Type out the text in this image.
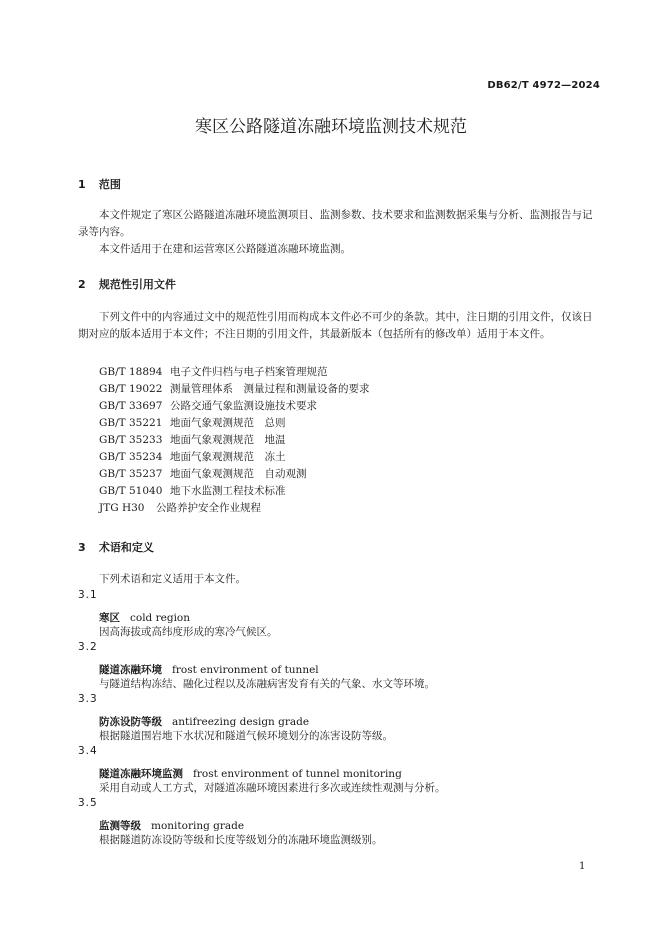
DB62/T 4972—2024
寒区公路隧道冻融环境监测技术规范
1 范围
本文件规定了寒区公路隧道冻融环境监测项目、监测参数、技术要求和监测数据采集与分析、监测报告与记录等内容。
本文件适用于在建和运营寒区公路隧道冻融环境监测。
2 规范性引用文件
下列文件中的内容通过文中的规范性引用而构成本文件必不可少的条款。其中，注日期的引用文件，仅该日期对应的版本适用于本文件；不注日期的引用文件，其最新版本（包括所有的修改单）适用于本文件。
GB/T 18894 电子文件归档与电子档案管理规范
GB/T 19022 测量管理体系　测量过程和测量设备的要求
GB/T 33697 公路交通气象监测设施技术要求
GB/T 35221 地面气象观测规范　总则
GB/T 35233 地面气象观测规范　地温
GB/T 35234 地面气象观测规范　冻土
GB/T 35237 地面气象观测规范　自动观测
GB/T 51040 地下水监测工程技术标准
JTG H30 公路养护安全作业规程
3 术语和定义
下列术语和定义适用于本文件。
3.1
寒区 cold region
因高海拔或高纬度形成的寒冷气候区。
3.2
隧道冻融环境 frost environment of tunnel
与隧道结构冻结、融化过程以及冻融病害发育有关的气象、水文等环境。
3.3
防冻设防等级 antifreezing design grade
根据隧道围岩地下水状况和隧道气候环境划分的冻害设防等级。
3.4
隧道冻融环境监测 frost environment of tunnel monitoring
采用自动或人工方式，对隧道冻融环境因素进行多次或连续性观测与分析。
3.5
监测等级 monitoring grade
根据隧道防冻设防等级和长度等级划分的冻融环境监测级别。
1
